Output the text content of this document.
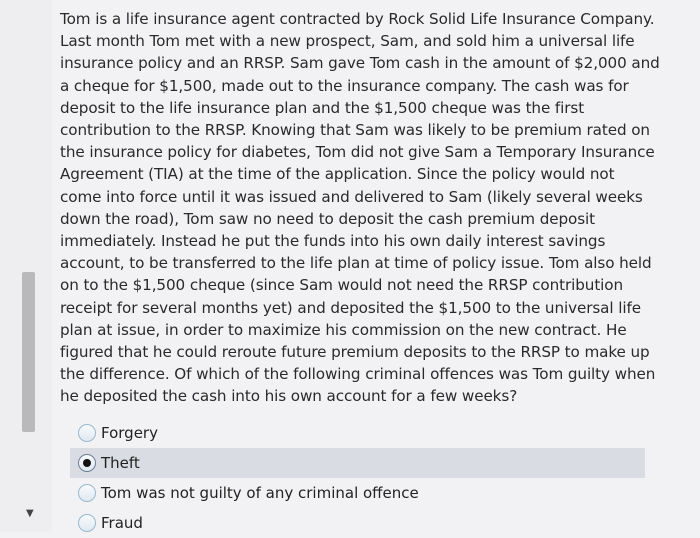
▼

Tom is a life insurance agent contracted by Rock Solid Life Insurance Company. Last month Tom met with a new prospect, Sam, and sold him a universal life insurance policy and an RRSP. Sam gave Tom cash in the amount of $2,000 and a cheque for $1,500, made out to the insurance company. The cash was for deposit to the life insurance plan and the $1,500 cheque was the first contribution to the RRSP. Knowing that Sam was likely to be premium rated on the insurance policy for diabetes, Tom did not give Sam a Temporary Insurance Agreement (TIA) at the time of the application. Since the policy would not come into force until it was issued and delivered to Sam (likely several weeks down the road), Tom saw no need to deposit the cash premium deposit immediately. Instead he put the funds into his own daily interest savings account, to be transferred to the life plan at time of policy issue. Tom also held on to the $1,500 cheque (since Sam would not need the RRSP contribution receipt for several months yet) and deposited the $1,500 to the universal life plan at issue, in order to maximize his commission on the new contract. He figured that he could reroute future premium deposits to the RRSP to make up the difference. Of which of the following criminal offences was Tom guilty when he deposited the cash into his own account for a few weeks?

Forgery
Theft
Tom was not guilty of any criminal offence
Fraud
